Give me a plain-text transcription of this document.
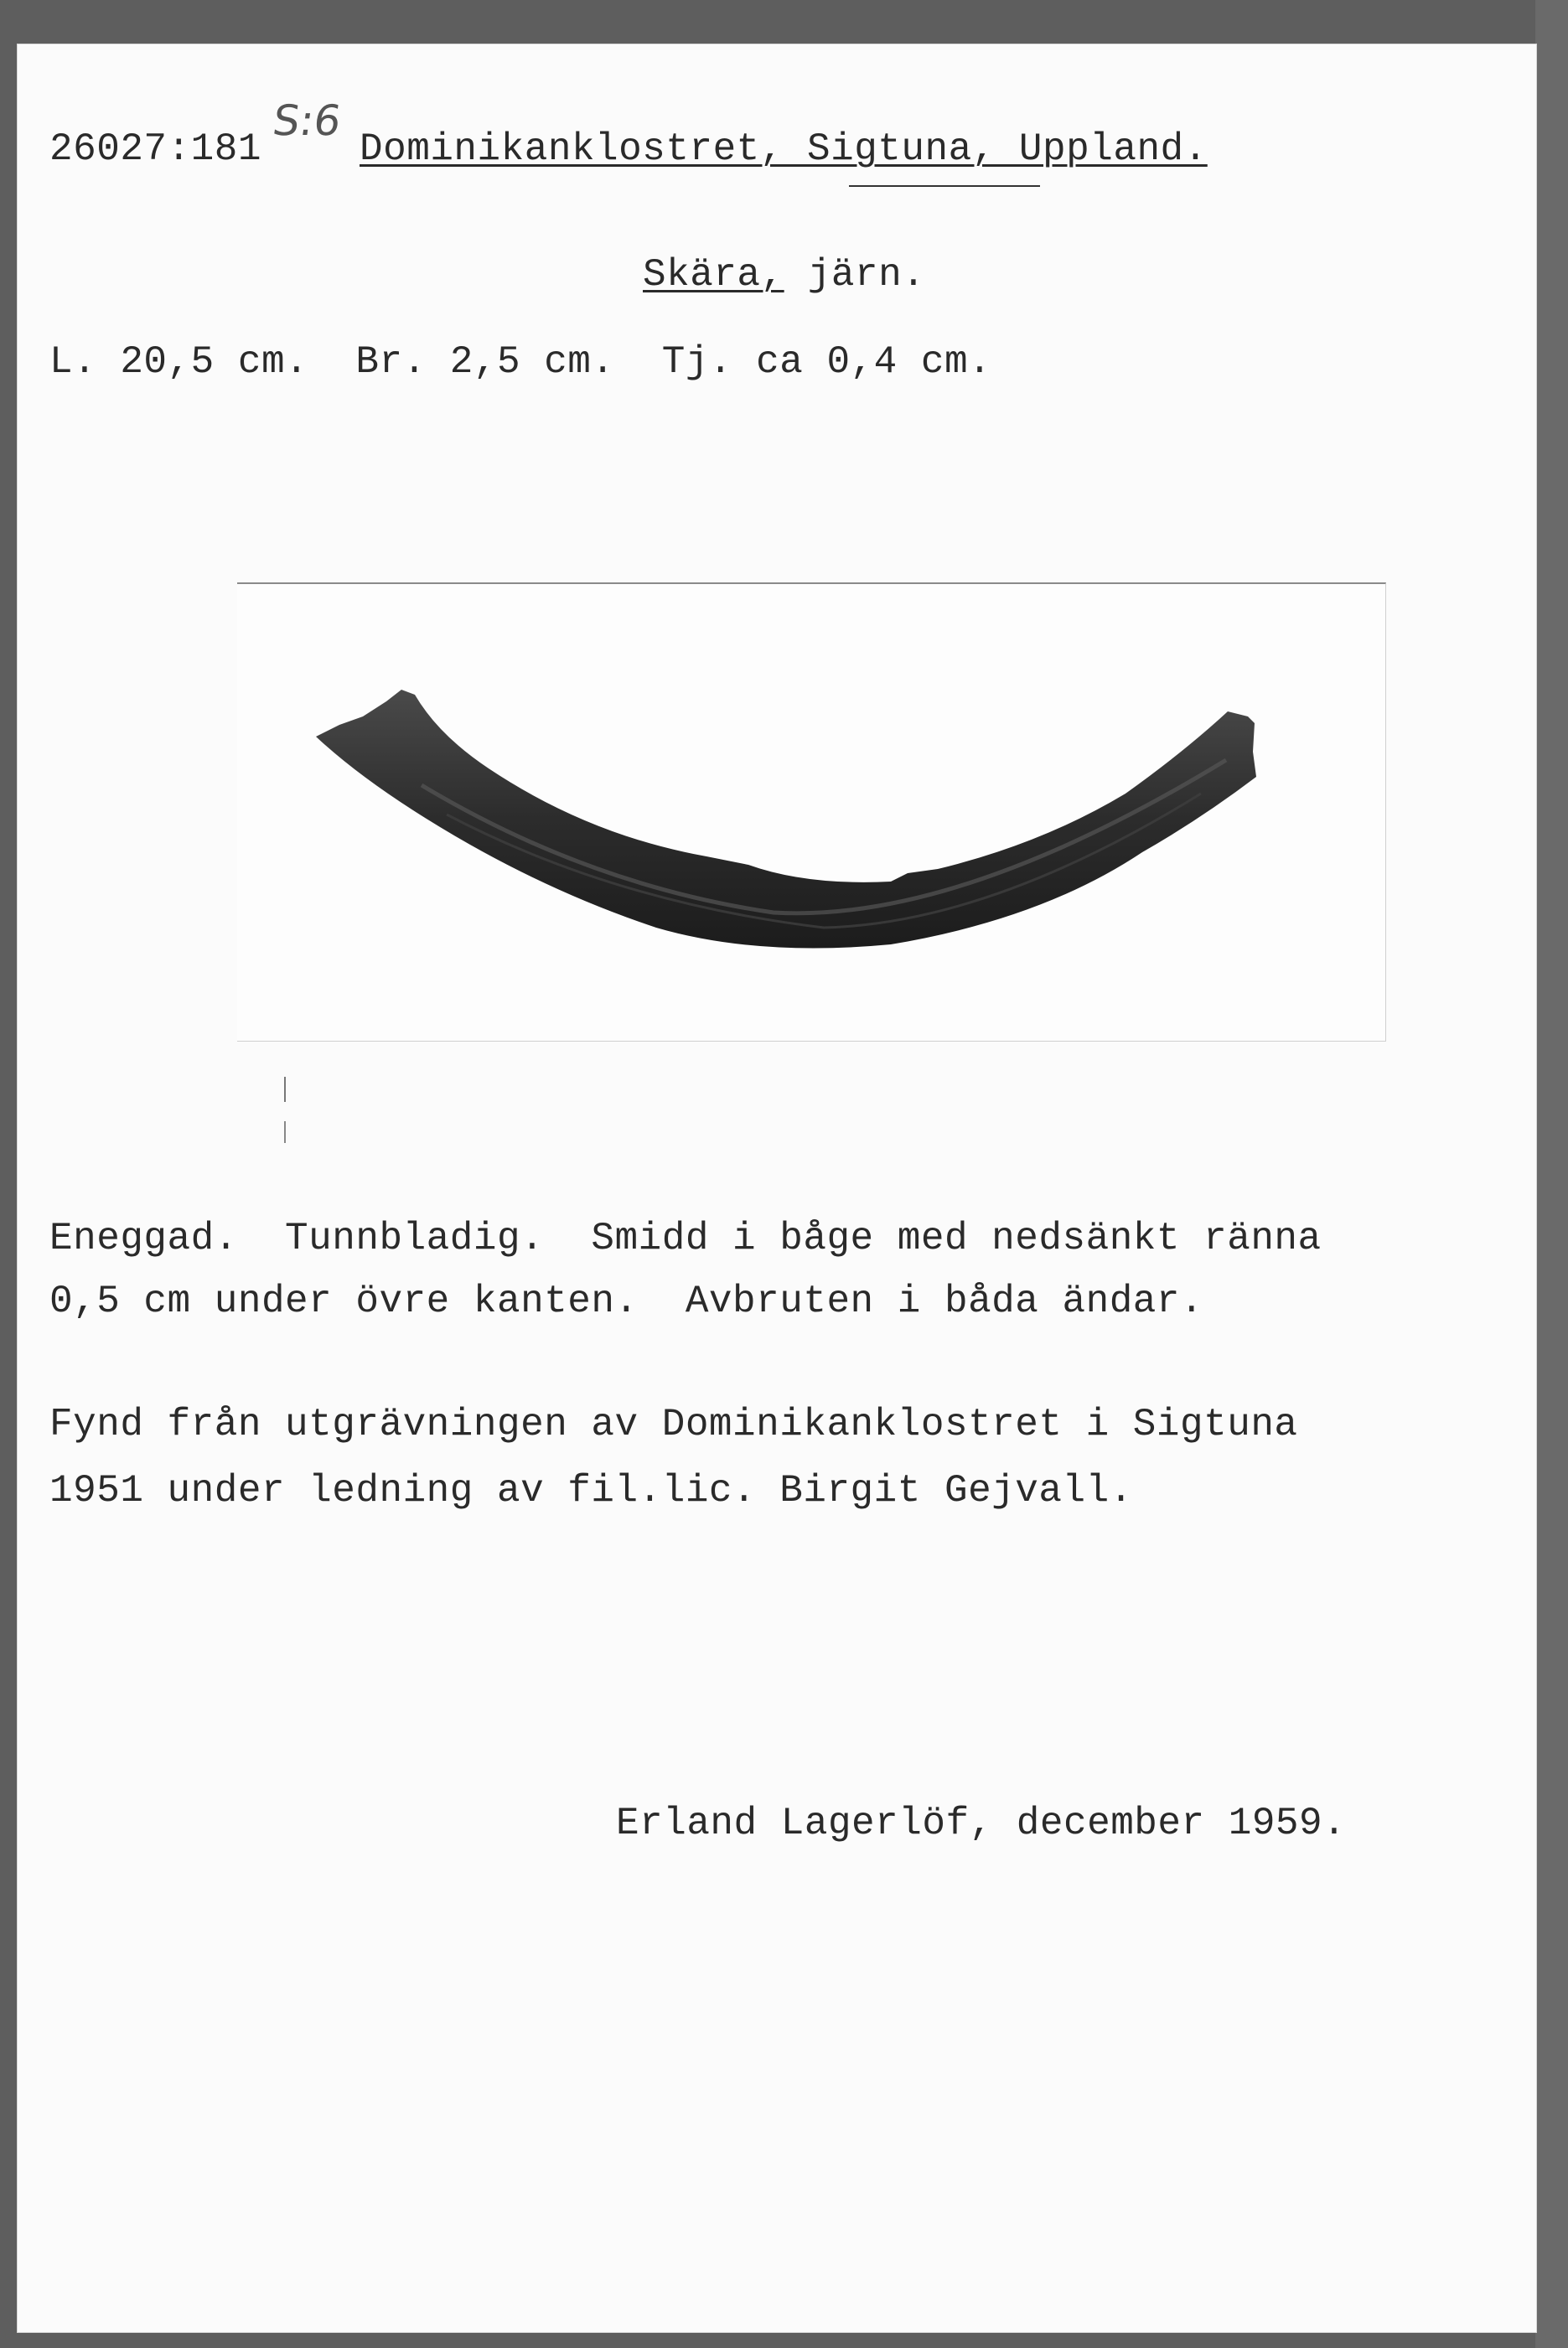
S:6
26027:181	Dominikanklostret, Sigtuna, Uppland.
Skära, järn.
L. 20,5 cm.  Br. 2,5 cm.  Tj. ca 0,4 cm.
Eneggad.  Tunnbladig.  Smidd i båge med nedsänkt ränna
0,5 cm under övre kanten.  Avbruten i båda ändar.
Fynd från utgrävningen av Dominikanklostret i Sigtuna
1951 under ledning av fil.lic. Birgit Gejvall.
Erland Lagerlöf, december 1959.
